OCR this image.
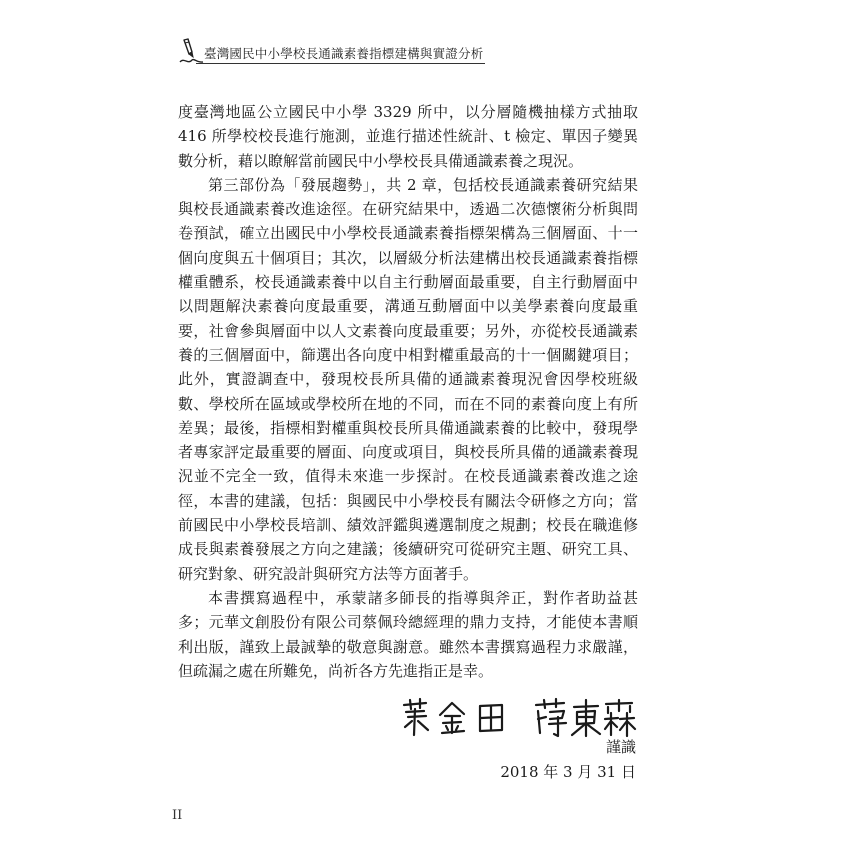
臺灣國民中小學校長通識素養指標建構與實證分析

度臺灣地區公立國民中小學 3329 所中，以分層隨機抽樣方式抽取 416 所學校校長進行施測，並進行描述性統計、t 檢定、單因子變異數分析，藉以瞭解當前國民中小學校長具備通識素養之現況。

第三部份為「發展趨勢」，共 2 章，包括校長通識素養研究結果與校長通識素養改進途徑。在研究結果中，透過二次德懷術分析與問卷預試，確立出國民中小學校長通識素養指標架構為三個層面、十一個向度與五十個項目；其次，以層級分析法建構出校長通識素養指標權重體系，校長通識素養中以自主行動層面最重要，自主行動層面中以問題解決素養向度最重要，溝通互動層面中以美學素養向度最重要，社會參與層面中以人文素養向度最重要；另外，亦從校長通識素養的三個層面中，篩選出各向度中相對權重最高的十一個關鍵項目；此外，實證調查中，發現校長所具備的通識素養現況會因學校班級數、學校所在區域或學校所在地的不同，而在不同的素養向度上有所差異；最後，指標相對權重與校長所具備通識素養的比較中，發現學者專家評定最重要的層面、向度或項目，與校長所具備的通識素養現況並不完全一致，值得未來進一步探討。在校長通識素養改進之途徑，本書的建議，包括：與國民中小學校長有關法令研修之方向；當前國民中小學校長培訓、績效評鑑與遴選制度之規劃；校長在職進修成長與素養發展之方向之建議；後續研究可從研究主題、研究工具、研究對象、研究設計與研究方法等方面著手。

本書撰寫過程中，承蒙諸多師長的指導與斧正，對作者助益甚多；元華文創股份有限公司蔡佩玲總經理的鼎力支持，才能使本書順利出版，謹致上最誠摯的敬意與謝意。雖然本書撰寫過程力求嚴謹，但疏漏之處在所難免，尚祈各方先進指正是幸。

謹識
2018 年 3 月 31 日
II
